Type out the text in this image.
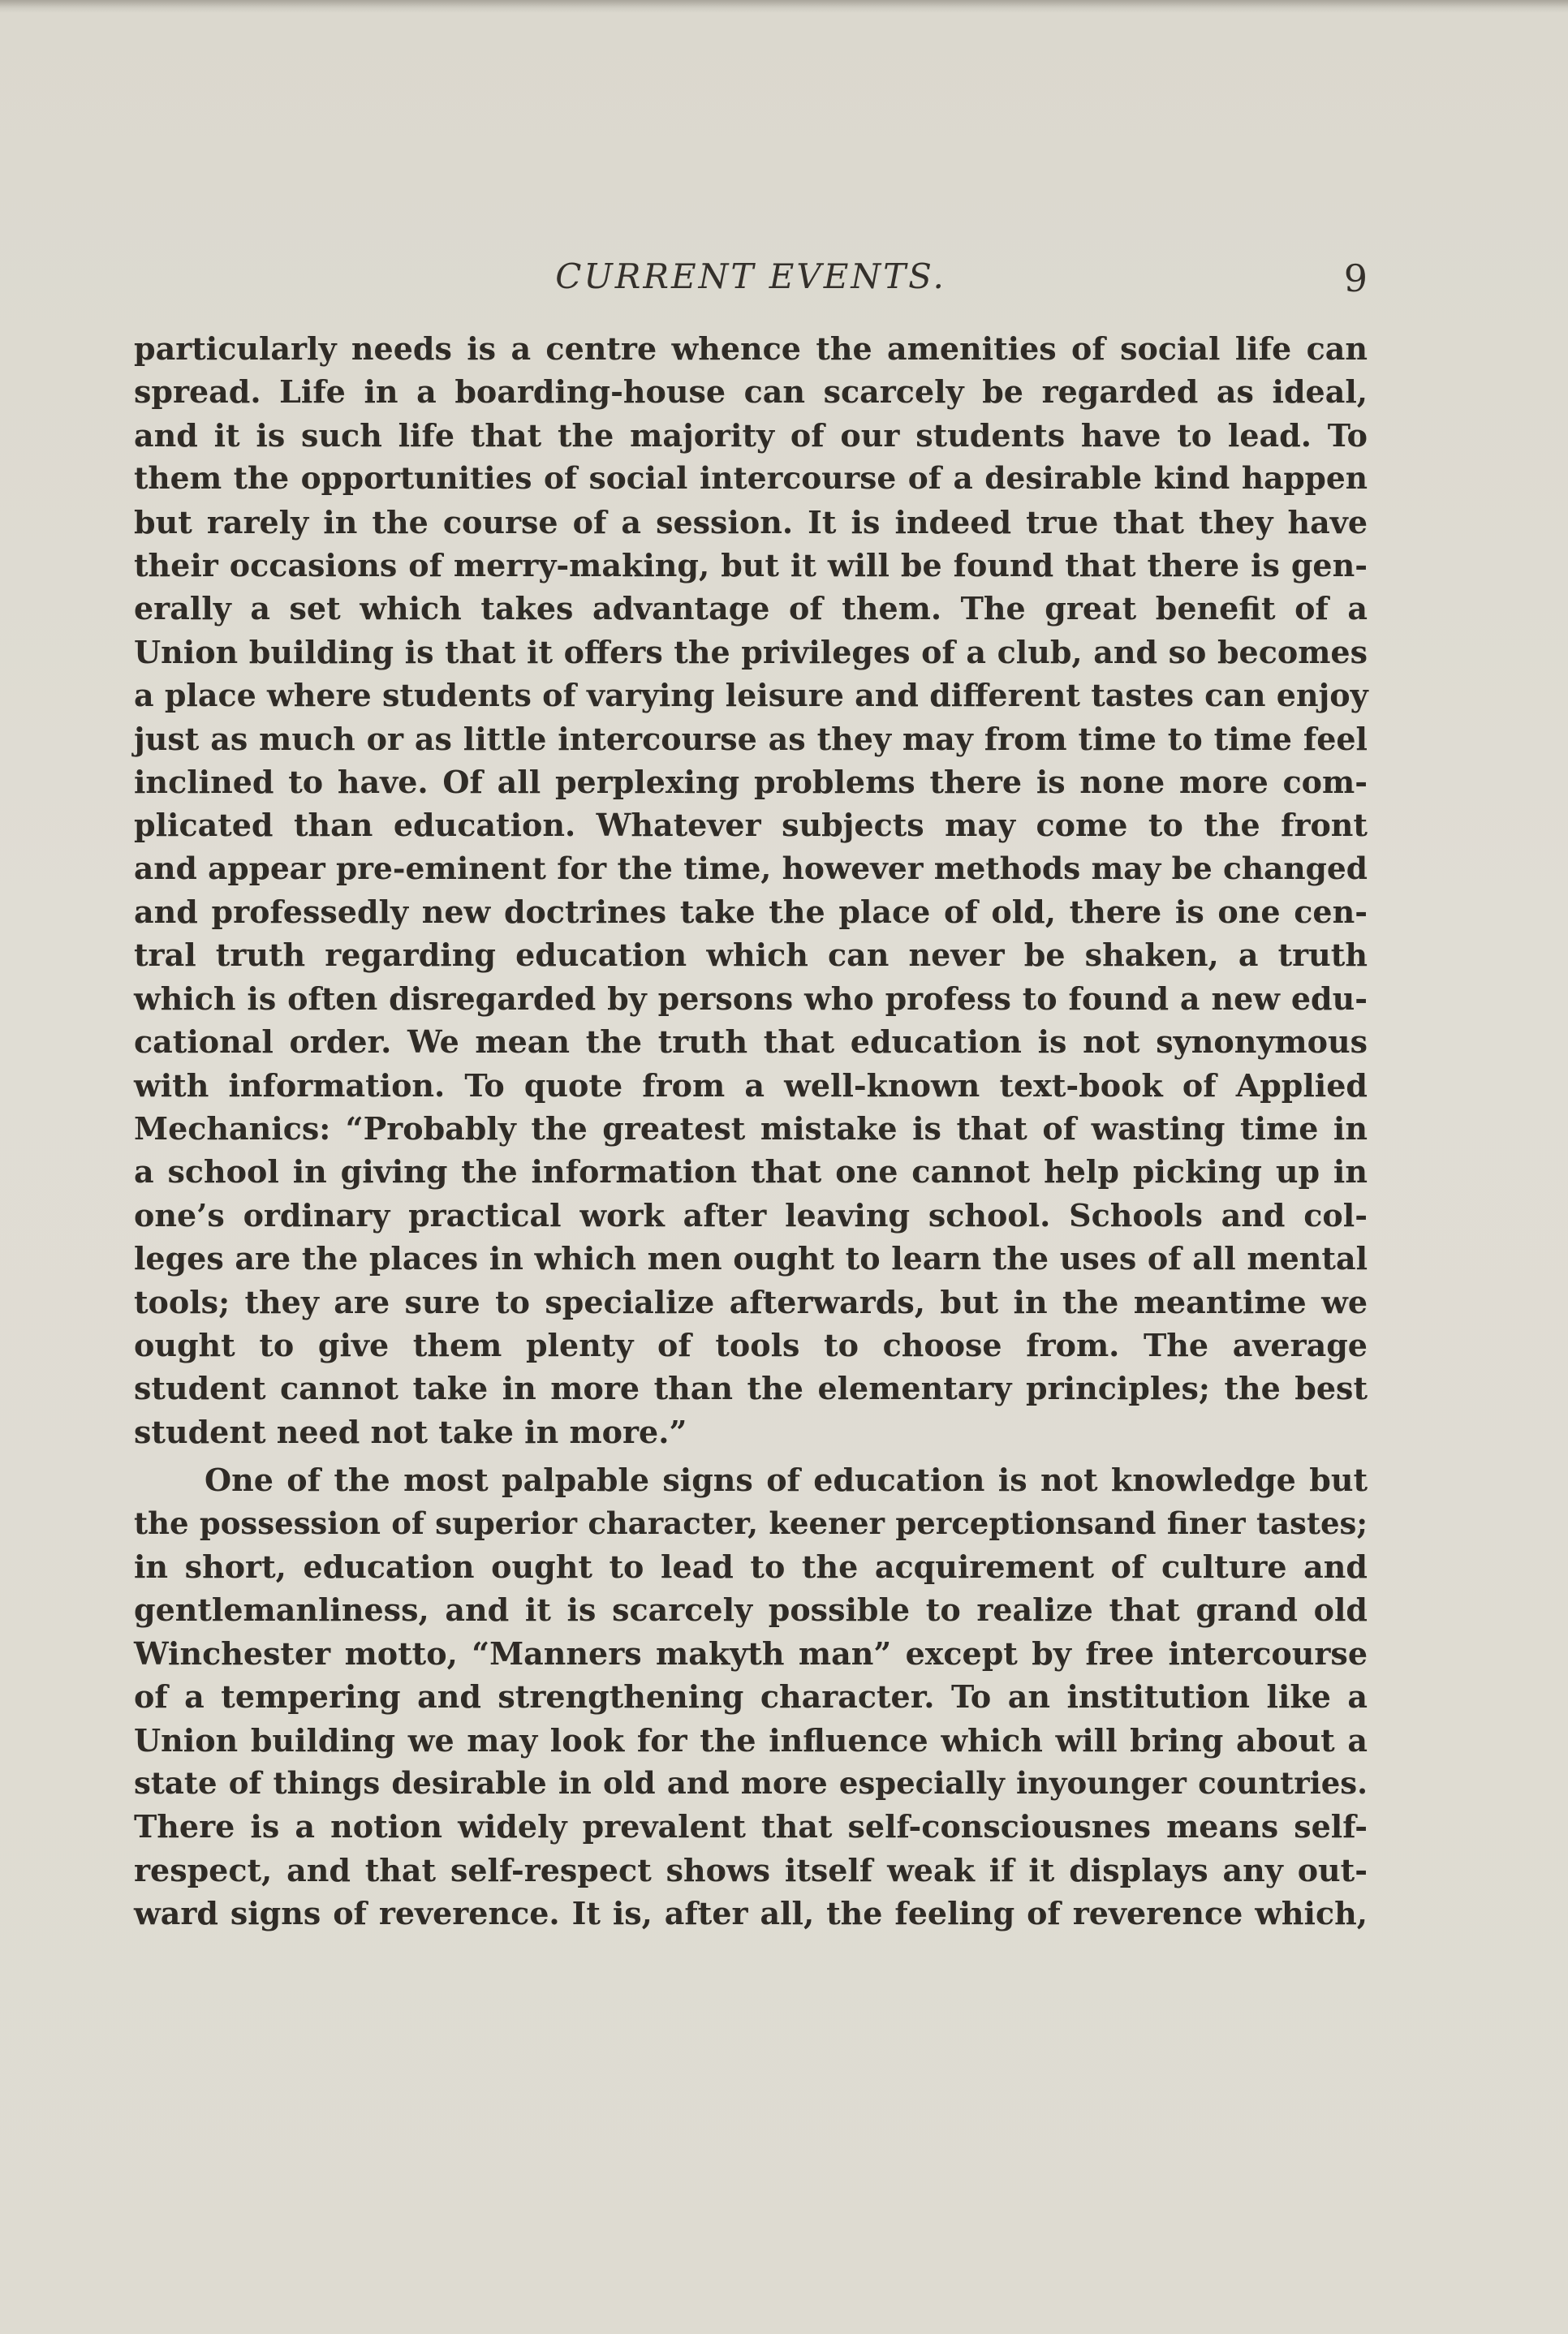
CURRENT EVENTS.	9
particularly needs is a centre whence the amenities of social life can
spread. Life in a boarding-house can scarcely be regarded as ideal,
and it is such life that the majority of our students have to lead. To
them the opportunities of social intercourse of a desirable kind happen
but rarely in the course of a session. It is indeed true that they have
their occasions of merry-making, but it will be found that there is gen-
erally a set which takes advantage of them. The great benefit of a
Union building is that it offers the privileges of a club, and so becomes
a place where students of varying leisure and different tastes can enjoy
just as much or as little intercourse as they may from time to time feel
inclined to have. Of all perplexing problems there is none more com-
plicated than education. Whatever subjects may come to the front
and appear pre-eminent for the time, however methods may be changed
and professedly new doctrines take the place of old, there is one cen-
tral truth regarding education which can never be shaken, a truth
which is often disregarded by persons who profess to found a new edu-
cational order. We mean the truth that education is not synonymous
with information. To quote from a well-known text-book of Applied
Mechanics: “Probably the greatest mistake is that of wasting time in
a school in giving the information that one cannot help picking up in
one’s ordinary practical work after leaving school. Schools and col-
leges are the places in which men ought to learn the uses of all mental
tools; they are sure to specialize afterwards, but in the meantime we
ought to give them plenty of tools to choose from. The average
student cannot take in more than the elementary principles; the best
student need not take in more.”
One of the most palpable signs of education is not knowledge but
the possession of superior character, keener perceptionsand finer tastes;
in short, education ought to lead to the acquirement of culture and
gentlemanliness, and it is scarcely possible to realize that grand old
Winchester motto, “Manners makyth man” except by free intercourse
of a tempering and strengthening character. To an institution like a
Union building we may look for the influence which will bring about a
state of things desirable in old and more especially inyounger countries.
There is a notion widely prevalent that self-consciousnes means self-
respect, and that self-respect shows itself weak if it displays any out-
ward signs of reverence. It is, after all, the feeling of reverence which,
